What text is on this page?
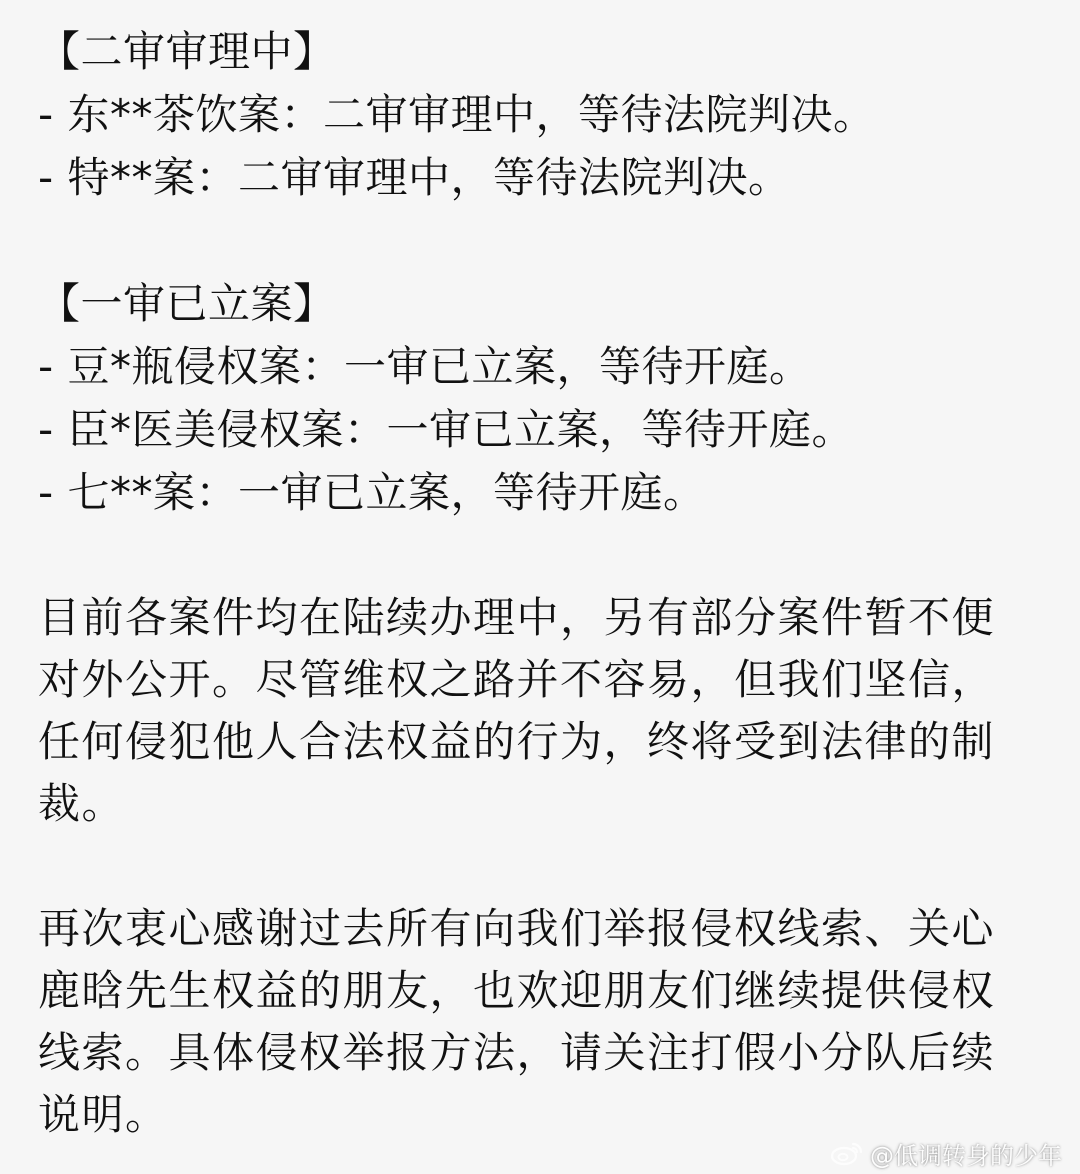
【二审审理中】
- 东**茶饮案：二审审理中，等待法院判决。
- 特**案：二审审理中，等待法院判决。
【一审已立案】
- 豆*瓶侵权案：一审已立案，等待开庭。
- 臣*医美侵权案：一审已立案，等待开庭。
- 七**案：一审已立案，等待开庭。

目前各案件均在陆续办理中，另有部分案件暂不便
对外公开。尽管维权之路并不容易，但我们坚信，
任何侵犯他人合法权益的行为，终将受到法律的制
裁。

再次衷心感谢过去所有向我们举报侵权线索、关心
鹿晗先生权益的朋友，也欢迎朋友们继续提供侵权
线索。具体侵权举报方法，请关注打假小分队后续
说明。

@低调转身的少年
